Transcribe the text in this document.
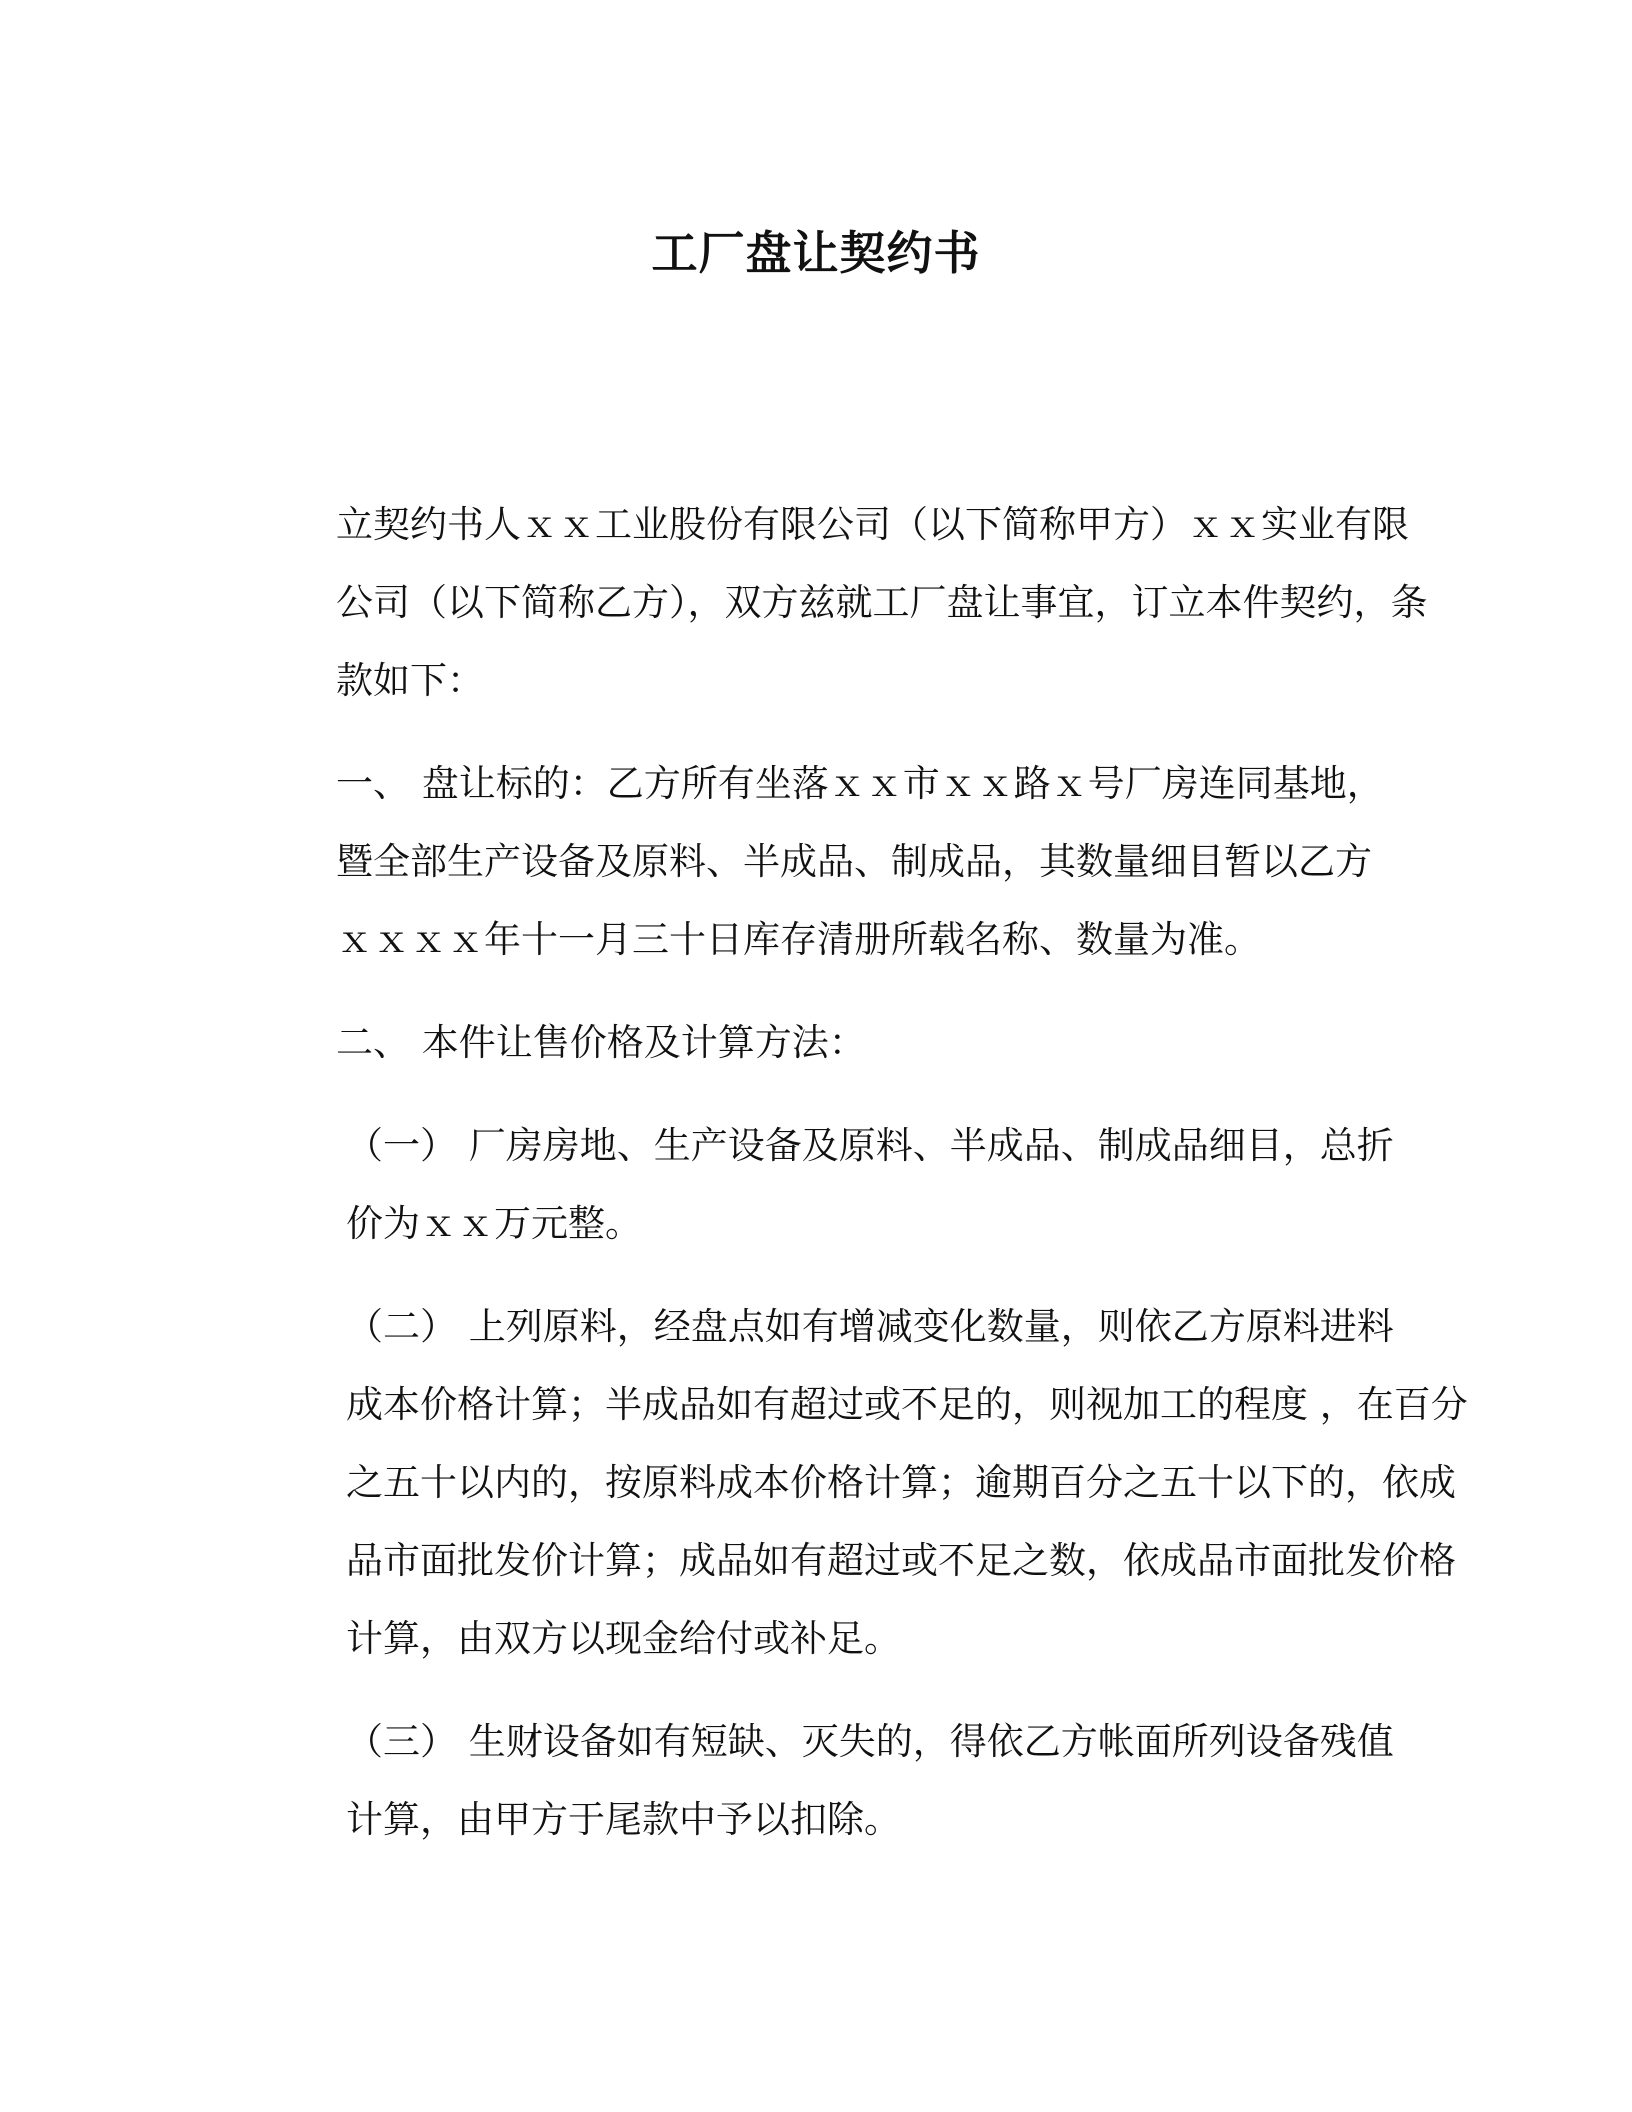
工厂盘让契约书

立契约书人ｘｘ工业股份有限公司（以下简称甲方）ｘｘ实业有限
公司（以下简称乙方），双方兹就工厂盘让事宜，订立本件契约，条
款如下：

一、 盘让标的：乙方所有坐落ｘｘ市ｘｘ路ｘ号厂房连同基地，
暨全部生产设备及原料、半成品、制成品，其数量细目暂以乙方
ｘｘｘｘ年十一月三十日库存清册所载名称、数量为准。

二、 本件让售价格及计算方法：

（一） 厂房房地、生产设备及原料、半成品、制成品细目，总折
价为ｘｘ万元整。

（二） 上列原料，经盘点如有增减变化数量，则依乙方原料进料
成本价格计算；半成品如有超过或不足的，则视加工的程度 ，在百分
之五十以内的，按原料成本价格计算；逾期百分之五十以下的，依成
品市面批发价计算；成品如有超过或不足之数，依成品市面批发价格
计算，由双方以现金给付或补足。

（三） 生财设备如有短缺、灭失的，得依乙方帐面所列设备残值
计算，由甲方于尾款中予以扣除。
